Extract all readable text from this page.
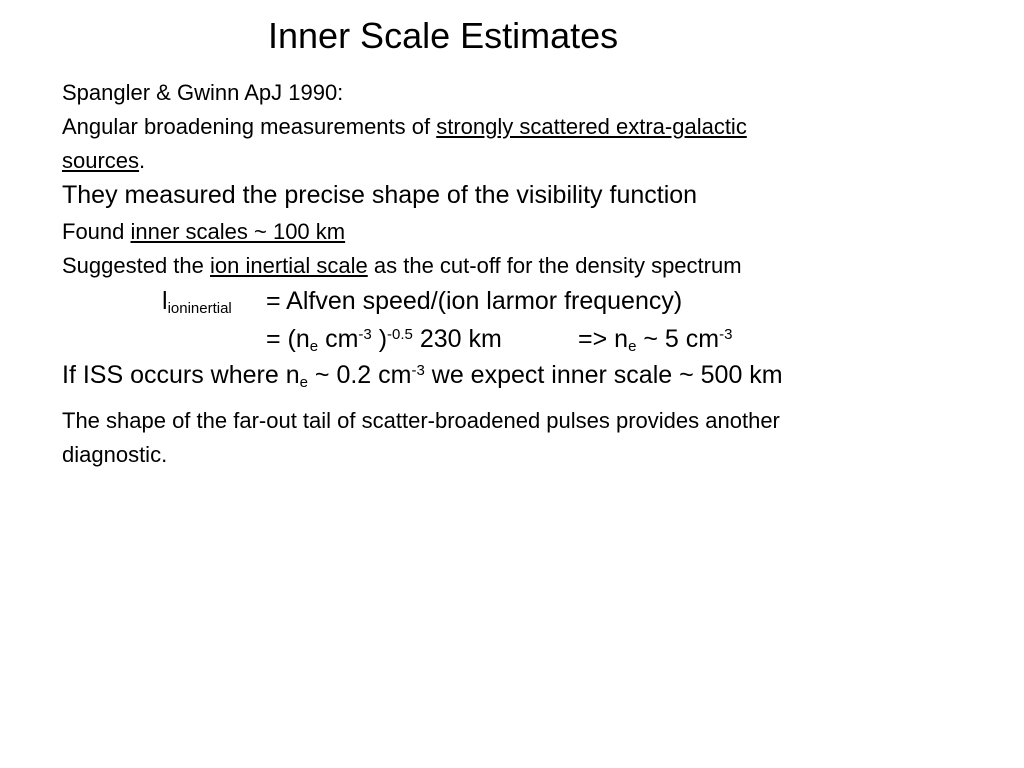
Inner Scale Estimates
Spangler & Gwinn ApJ 1990:
Angular broadening measurements of strongly scattered extra-galactic
sources.
They measured the precise shape of the visibility function
Found inner scales ~ 100 km
Suggested the ion inertial scale as the cut-off for the density spectrum
$l_{ioninertial}$ = Alfven speed/(ion larmor frequency)
= ($n_e$ $cm^{-3}$ )$^{-0.5}$ 230 km	=> $n_e$ ~ 5 $cm^{-3}$
If ISS occurs where $n_e$ ~ 0.2 $cm^{-3}$ we expect inner scale ~ 500 km
The shape of the far-out tail of scatter-broadened pulses provides another
diagnostic.
